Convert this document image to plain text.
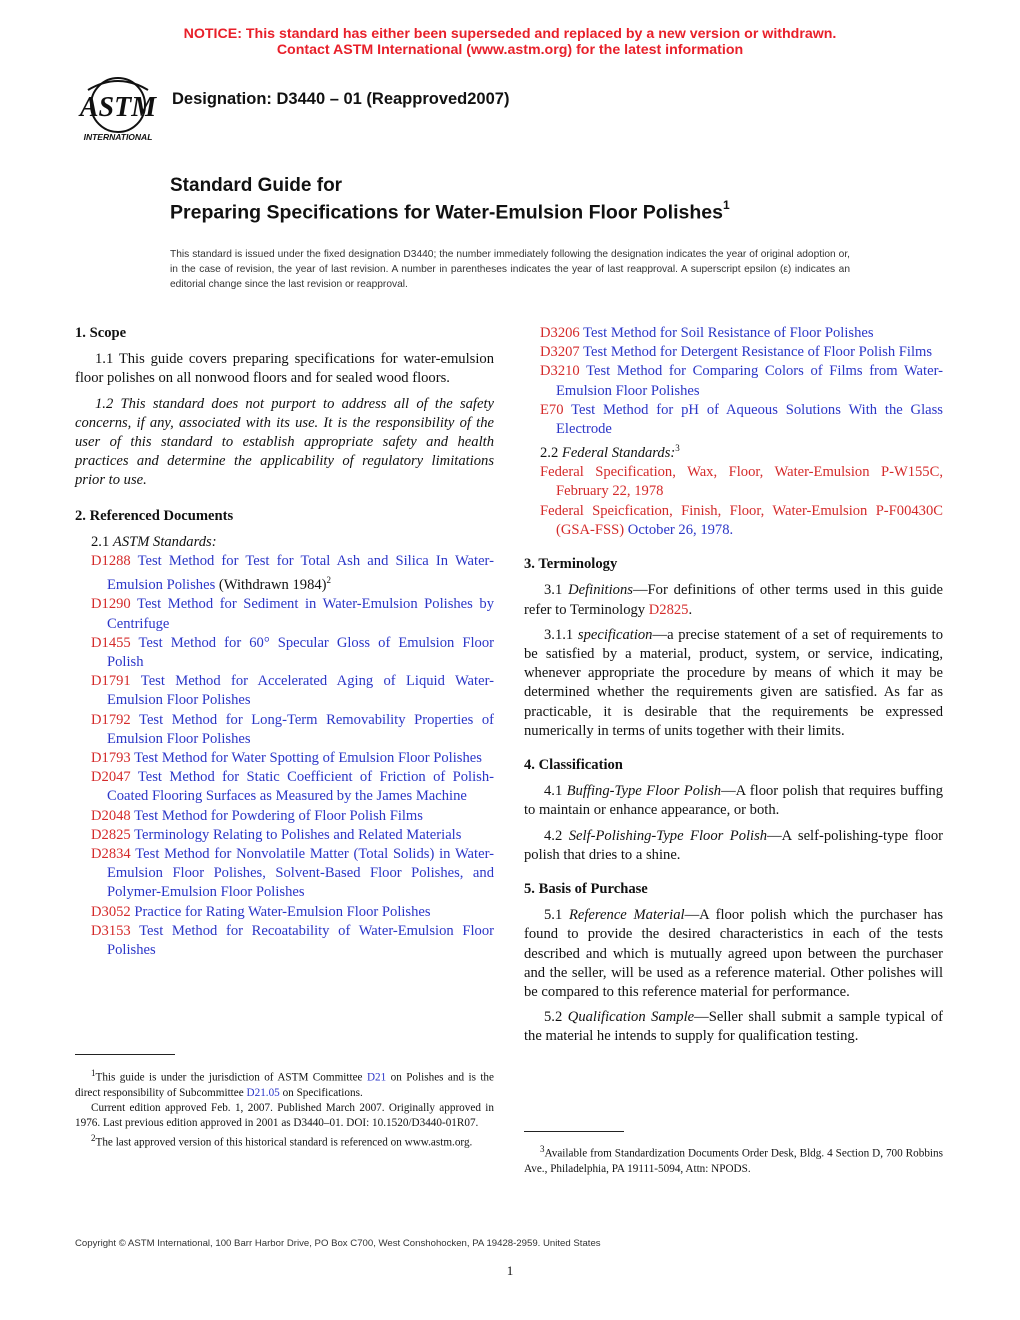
NOTICE: This standard has either been superseded and replaced by a new version or withdrawn.
Contact ASTM International (www.astm.org) for the latest information
ASTM
INTERNATIONAL
Designation: D3440 – 01 (Reapproved2007)
Standard Guide for
Preparing Specifications for Water-Emulsion Floor Polishes$^1$
This standard is issued under the fixed designation D3440; the number immediately following the designation indicates the year of original adoption or, in the case of revision, the year of last revision. A number in parentheses indicates the year of last reapproval. A superscript epsilon (ε) indicates an editorial change since the last revision or reapproval.
1. Scope

1.1 This guide covers preparing specifications for water-emulsion floor polishes on all nonwood floors and for sealed wood floors.

1.2 This standard does not purport to address all of the safety concerns, if any, associated with its use. It is the responsibility of the user of this standard to establish appropriate safety and health practices and determine the applicability of regulatory limitations prior to use.

2. Referenced Documents

2.1 ASTM Standards:

D1288 Test Method for Test for Total Ash and Silica In Water-Emulsion Polishes (Withdrawn 1984)$^2$

D1290 Test Method for Sediment in Water-Emulsion Polishes by Centrifuge

D1455 Test Method for 60° Specular Gloss of Emulsion Floor Polish

D1791 Test Method for Accelerated Aging of Liquid Water-Emulsion Floor Polishes

D1792 Test Method for Long-Term Removability Properties of Emulsion Floor Polishes

D1793 Test Method for Water Spotting of Emulsion Floor Polishes

D2047 Test Method for Static Coefficient of Friction of Polish-Coated Flooring Surfaces as Measured by the James Machine

D2048 Test Method for Powdering of Floor Polish Films

D2825 Terminology Relating to Polishes and Related Materials

D2834 Test Method for Nonvolatile Matter (Total Solids) in Water-Emulsion Floor Polishes, Solvent-Based Floor Polishes, and Polymer-Emulsion Floor Polishes

D3052 Practice for Rating Water-Emulsion Floor Polishes

D3153 Test Method for Recoatability of Water-Emulsion Floor Polishes

D3206 Test Method for Soil Resistance of Floor Polishes

D3207 Test Method for Detergent Resistance of Floor Polish Films

D3210 Test Method for Comparing Colors of Films from Water-Emulsion Floor Polishes

E70 Test Method for pH of Aqueous Solutions With the Glass Electrode

2.2 Federal Standards:$^3$

Federal Specification, Wax, Floor, Water-Emulsion P-W155C, February 22, 1978

Federal Speicfication, Finish, Floor, Water-Emulsion P-F00430C (GSA-FSS) October 26, 1978.

3. Terminology

3.1 Definitions—For definitions of other terms used in this guide refer to Terminology D2825.

3.1.1 specification—a precise statement of a set of requirements to be satisfied by a material, product, system, or service, indicating, whenever appropriate the procedure by means of which it may be determined whether the requirements given are satisfied. As far as practicable, it is desirable that the requirements be expressed numerically in terms of units together with their limits.

4. Classification

4.1 Buffing-Type Floor Polish—A floor polish that requires buffing to maintain or enhance appearance, or both.

4.2 Self-Polishing-Type Floor Polish—A self-polishing-type floor polish that dries to a shine.

5. Basis of Purchase

5.1 Reference Material—A floor polish which the purchaser has found to provide the desired characteristics in each of the tests described and which is mutually agreed upon between the purchaser and the seller, will be used as a reference material. Other polishes will be compared to this reference material for performance.

5.2 Qualification Sample—Seller shall submit a sample typical of the material he intends to supply for qualification testing.

$^1$This guide is under the jurisdiction of ASTM Committee D21 on Polishes and is the direct responsibility of Subcommittee D21.05 on Specifications.

Current edition approved Feb. 1, 2007. Published March 2007. Originally approved in 1976. Last previous edition approved in 2001 as D3440–01. DOI: 10.1520/D3440-01R07.

$^2$The last approved version of this historical standard is referenced on www.astm.org.

$^3$Available from Standardization Documents Order Desk, Bldg. 4 Section D, 700 Robbins Ave., Philadelphia, PA 19111-5094, Attn: NPODS.

Copyright © ASTM International, 100 Barr Harbor Drive, PO Box C700, West Conshohocken, PA 19428-2959. United States
1
